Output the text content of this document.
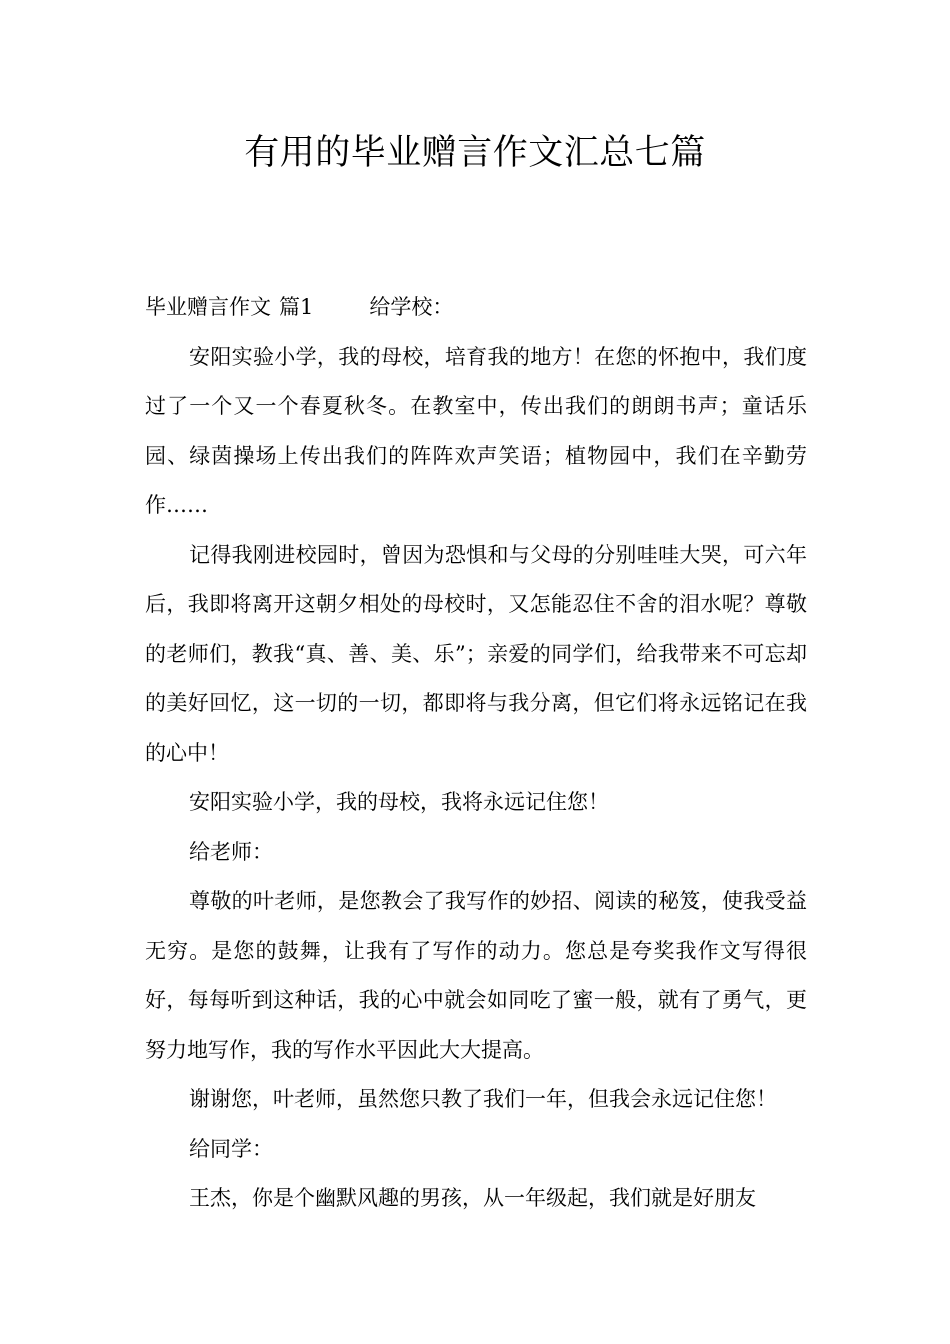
有用的毕业赠言作文汇总七篇

毕业赠言作文 篇1	给学校：

安阳实验小学，我的母校，培育我的地方！在您的怀抱中，我们度过了一个又一个春夏秋冬。在教室中，传出我们的朗朗书声；童话乐园、绿茵操场上传出我们的阵阵欢声笑语；植物园中，我们在辛勤劳作……

记得我刚进校园时，曾因为恐惧和与父母的分别哇哇大哭，可六年后，我即将离开这朝夕相处的母校时，又怎能忍住不舍的泪水呢？尊敬的老师们，教我“真、善、美、乐”；亲爱的同学们，给我带来不可忘却的美好回忆，这一切的一切，都即将与我分离，但它们将永远铭记在我的心中！

安阳实验小学，我的母校，我将永远记住您！

给老师：

尊敬的叶老师，是您教会了我写作的妙招、阅读的秘笈，使我受益无穷。是您的鼓舞，让我有了写作的动力。您总是夸奖我作文写得很好，每每听到这种话，我的心中就会如同吃了蜜一般，就有了勇气，更努力地写作，我的写作水平因此大大提高。

谢谢您，叶老师，虽然您只教了我们一年，但我会永远记住您！

给同学：

王杰，你是个幽默风趣的男孩，从一年级起，我们就是好朋友
